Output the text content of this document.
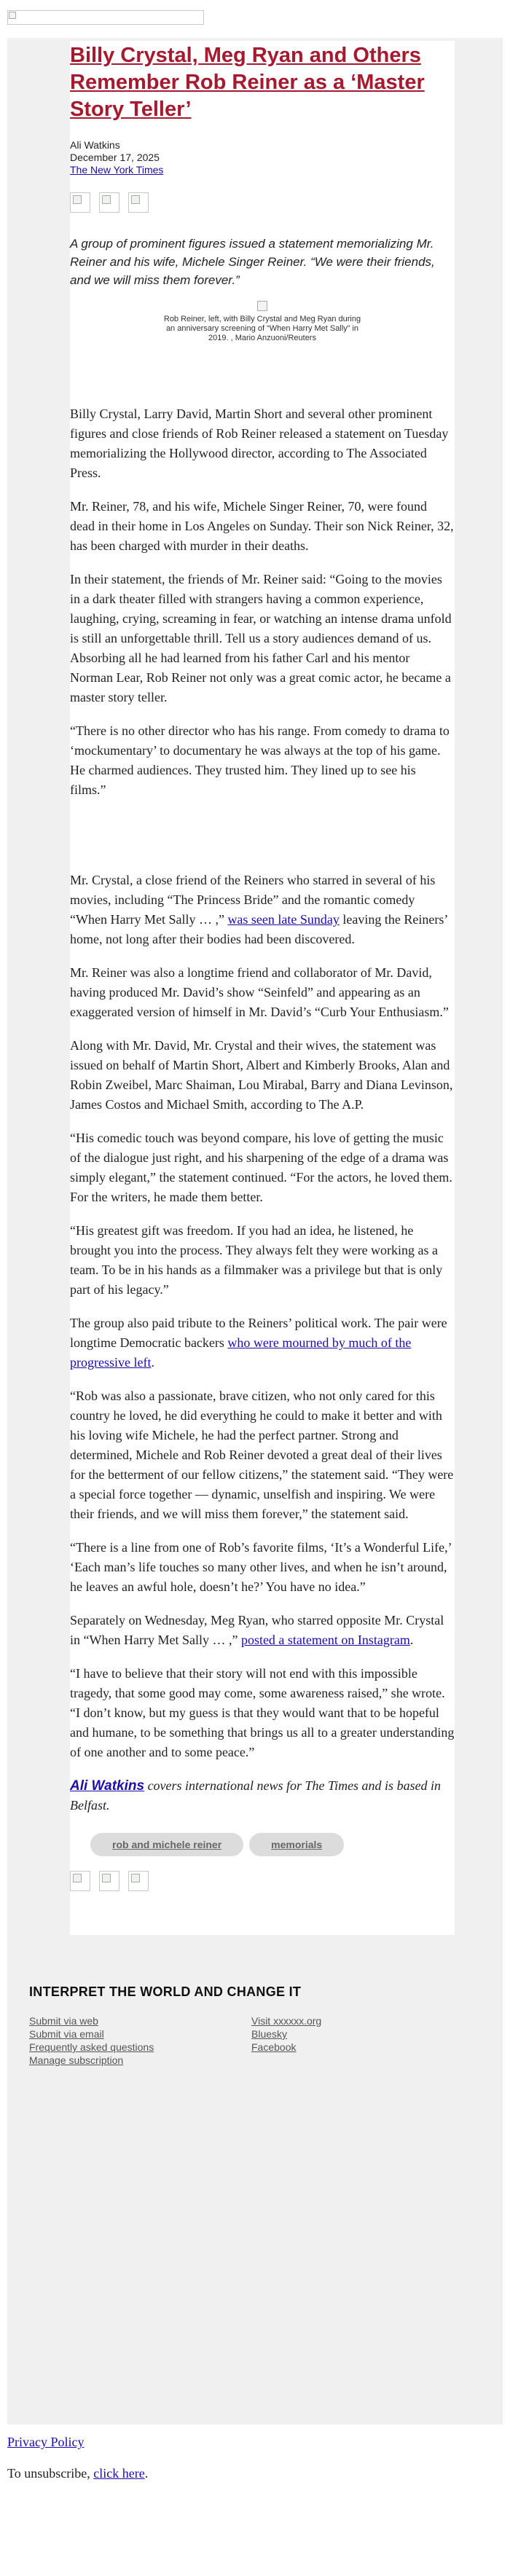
Billy Crystal, Meg Ryan and Others Remember Rob Reiner as a ‘Master Story Teller’
Ali Watkins
December 17, 2025
The New York Times

A group of prominent figures issued a statement memorializing Mr. Reiner and his wife, Michele Singer Reiner. “We were their friends, and we will miss them forever.”

Rob Reiner, left, with Billy Crystal and Meg Ryan during an anniversary screening of “When Harry Met Sally” in 2019. , Mario Anzuoni/Reuters

Billy Crystal, Larry David, Martin Short and several other prominent figures and close friends of Rob Reiner released a statement on Tuesday memorializing the Hollywood director, according to The Associated Press.

Mr. Reiner, 78, and his wife, Michele Singer Reiner, 70, were found dead in their home in Los Angeles on Sunday. Their son Nick Reiner, 32, has been charged with murder in their deaths.

In their statement, the friends of Mr. Reiner said: “Going to the movies in a dark theater filled with strangers having a common experience, laughing, crying, screaming in fear, or watching an intense drama unfold is still an unforgettable thrill. Tell us a story audiences demand of us. Absorbing all he had learned from his father Carl and his mentor Norman Lear, Rob Reiner not only was a great comic actor, he became a master story teller.

“There is no other director who has his range. From comedy to drama to ‘mockumentary’ to documentary he was always at the top of his game. He charmed audiences. They trusted him. They lined up to see his films.”

Mr. Crystal, a close friend of the Reiners who starred in several of his movies, including “The Princess Bride” and the romantic comedy “When Harry Met Sally … ,” was seen late Sunday leaving the Reiners’ home, not long after their bodies had been discovered.

Mr. Reiner was also a longtime friend and collaborator of Mr. David, having produced Mr. David’s show “Seinfeld” and appearing as an exaggerated version of himself in Mr. David’s “Curb Your Enthusiasm.”

Along with Mr. David, Mr. Crystal and their wives, the statement was issued on behalf of Martin Short, Albert and Kimberly Brooks, Alan and Robin Zweibel, Marc Shaiman, Lou Mirabal, Barry and Diana Levinson, James Costos and Michael Smith, according to The A.P.

“His comedic touch was beyond compare, his love of getting the music of the dialogue just right, and his sharpening of the edge of a drama was simply elegant,” the statement continued. “For the actors, he loved them. For the writers, he made them better.

“His greatest gift was freedom. If you had an idea, he listened, he brought you into the process. They always felt they were working as a team. To be in his hands as a filmmaker was a privilege but that is only part of his legacy.”

The group also paid tribute to the Reiners’ political work. The pair were longtime Democratic backers who were mourned by much of the progressive left.

“Rob was also a passionate, brave citizen, who not only cared for this country he loved, he did everything he could to make it better and with his loving wife Michele, he had the perfect partner. Strong and determined, Michele and Rob Reiner devoted a great deal of their lives for the betterment of our fellow citizens,” the statement said. “They were a special force together — dynamic, unselfish and inspiring. We were their friends, and we will miss them forever,” the statement said.

“There is a line from one of Rob’s favorite films, ‘It’s a Wonderful Life,’ ‘Each man’s life touches so many other lives, and when he isn’t around, he leaves an awful hole, doesn’t he?’ You have no idea.”

Separately on Wednesday, Meg Ryan, who starred opposite Mr. Crystal in “When Harry Met Sally … ,” posted a statement on Instagram.

“I have to believe that their story will not end with this impossible tragedy, that some good may come, some awareness raised,” she wrote. “I don’t know, but my guess is that they would want that to be hopeful and humane, to be something that brings us all to a greater understanding of one another and to some peace.”

Ali Watkins covers international news for The Times and is based in Belfast.

rob and michele reiner	memorials
INTERPRET THE WORLD AND CHANGE IT
Submit via web
Submit via email
Frequently asked questions
Manage subscription
Visit xxxxxx.org
Bluesky
Facebook
Privacy Policy
To unsubscribe, click here.
